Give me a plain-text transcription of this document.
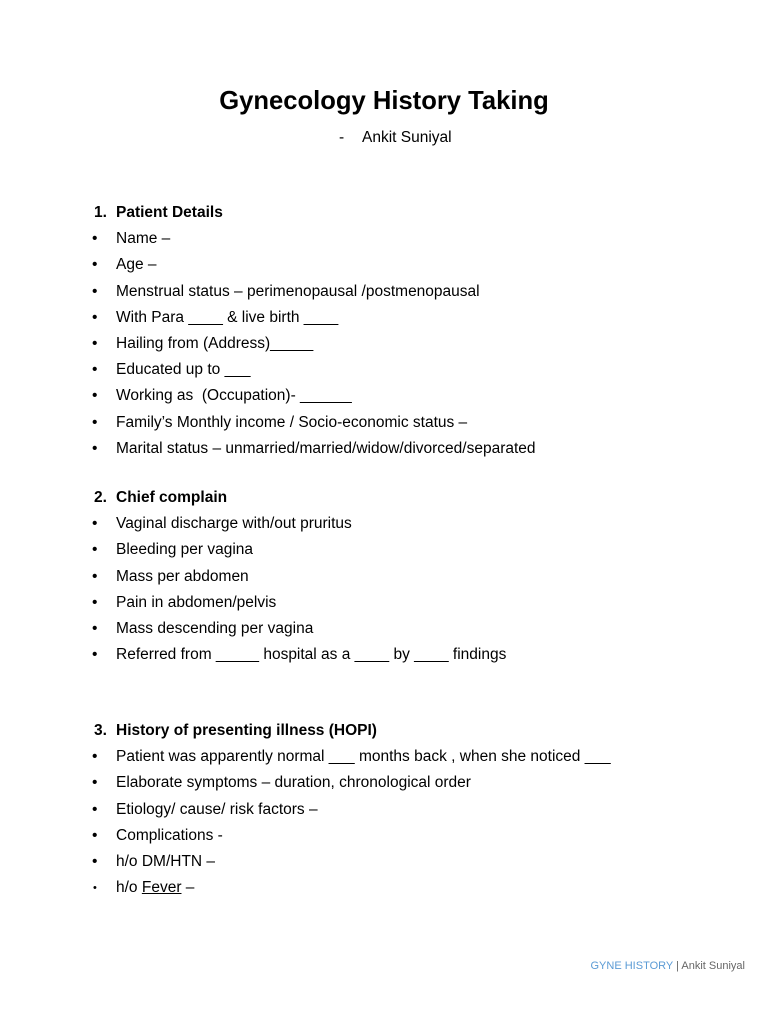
Gynecology History Taking
- Ankit Suniyal
1. Patient Details
• Name –
• Age –
• Menstrual status – perimenopausal /postmenopausal
• With Para ____ & live birth ____
• Hailing from (Address)_____
• Educated up to ___
• Working as  (Occupation)- ______
• Family’s Monthly income / Socio-economic status –
• Marital status – unmarried/married/widow/divorced/separated
2. Chief complain
• Vaginal discharge with/out pruritus
• Bleeding per vagina
• Mass per abdomen
• Pain in abdomen/pelvis
• Mass descending per vagina
• Referred from _____ hospital as a ____ by ____ findings
3. History of presenting illness (HOPI)
• Patient was apparently normal ___ months back , when she noticed ___
• Elaborate symptoms – duration, chronological order
• Etiology/ cause/ risk factors –
• Complications -
• h/o DM/HTN –
• h/o Fever –
GYNE HISTORY | Ankit Suniyal
